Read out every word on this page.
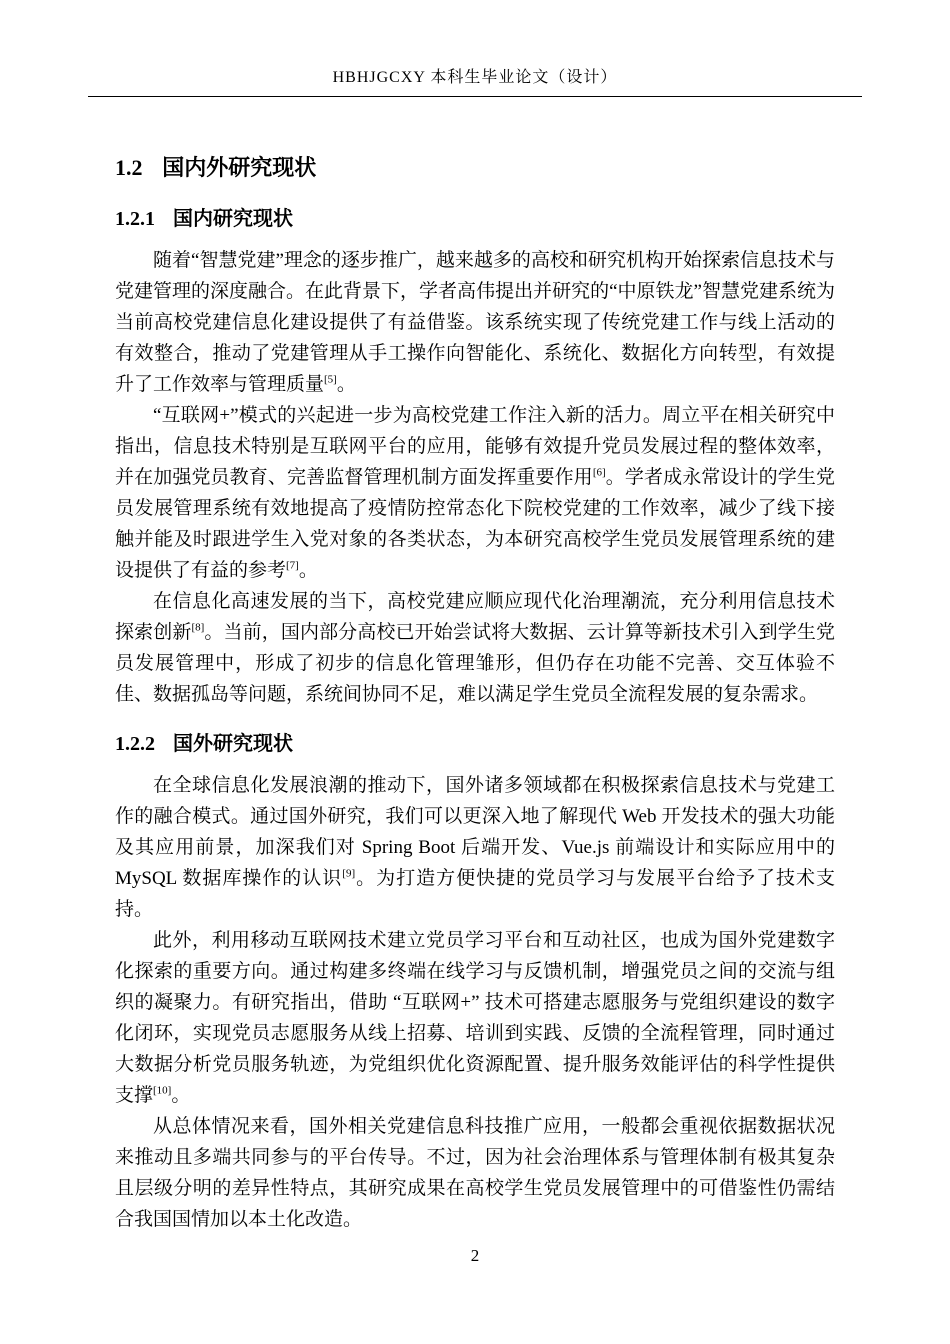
HBHJGCXY 本科生毕业论文（设计）
1.2 国内外研究现状
1.2.1 国内研究现状

随着“智慧党建”理念的逐步推广，越来越多的高校和研究机构开始探索信息技术与党建管理的深度融合。在此背景下，学者高伟提出并研究的“中原铁龙”智慧党建系统为当前高校党建信息化建设提供了有益借鉴。该系统实现了传统党建工作与线上活动的有效整合，推动了党建管理从手工操作向智能化、系统化、数据化方向转型，有效提升了工作效率与管理质量[5]。

“互联网+”模式的兴起进一步为高校党建工作注入新的活力。周立平在相关研究中指出，信息技术特别是互联网平台的应用，能够有效提升党员发展过程的整体效率，并在加强党员教育、完善监督管理机制方面发挥重要作用[6]。学者成永常设计的学生党员发展管理系统有效地提高了疫情防控常态化下院校党建的工作效率，减少了线下接触并能及时跟进学生入党对象的各类状态，为本研究高校学生党员发展管理系统的建设提供了有益的参考[7]。

在信息化高速发展的当下，高校党建应顺应现代化治理潮流，充分利用信息技术探索创新[8]。当前，国内部分高校已开始尝试将大数据、云计算等新技术引入到学生党员发展管理中，形成了初步的信息化管理雏形，但仍存在功能不完善、交互体验不佳、数据孤岛等问题，系统间协同不足，难以满足学生党员全流程发展的复杂需求。

1.2.2 国外研究现状

在全球信息化发展浪潮的推动下，国外诸多领域都在积极探索信息技术与党建工作的融合模式。通过国外研究，我们可以更深入地了解现代 Web 开发技术的强大功能及其应用前景，加深我们对 Spring Boot 后端开发、Vue.js 前端设计和实际应用中的 MySQL 数据库操作的认识[9]。为打造方便快捷的党员学习与发展平台给予了技术支持。

此外，利用移动互联网技术建立党员学习平台和互动社区，也成为国外党建数字化探索的重要方向。通过构建多终端在线学习与反馈机制，增强党员之间的交流与组织的凝聚力。有研究指出，借助 “互联网+” 技术可搭建志愿服务与党组织建设的数字化闭环，实现党员志愿服务从线上招募、培训到实践、反馈的全流程管理，同时通过大数据分析党员服务轨迹，为党组织优化资源配置、提升服务效能评估的科学性提供支撑[10]。

从总体情况来看，国外相关党建信息科技推广应用，一般都会重视依据数据状况来推动且多端共同参与的平台传导。不过，因为社会治理体系与管理体制有极其复杂且层级分明的差异性特点，其研究成果在高校学生党员发展管理中的可借鉴性仍需结合我国国情加以本土化改造。

2
